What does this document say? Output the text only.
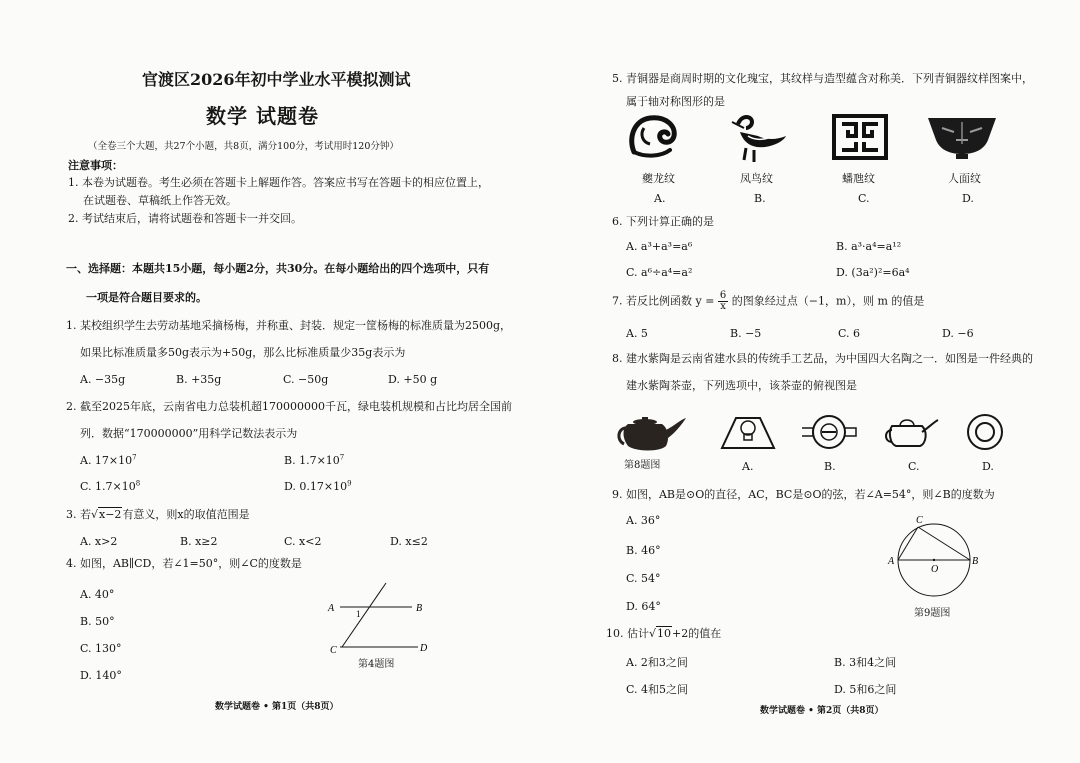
官渡区2026年初中学业水平模拟测试
数学 试题卷
（全卷三个大题，共27个小题，共8页，满分100分，考试用时120分钟）
注意事项：
1. 本卷为试题卷。考生必须在答题卡上解题作答。答案应书写在答题卡的相应位置上，
在试题卷、草稿纸上作答无效。
2. 考试结束后，请将试题卷和答题卡一并交回。
一、选择题：本题共15小题，每小题2分，共30分。在每小题给出的四个选项中，只有
一项是符合题目要求的。
1. 某校组织学生去劳动基地采摘杨梅，并称重、封装．规定一筐杨梅的标准质量为2500g，
如果比标准质量多50g表示为+50g，那么比标准质量少35g表示为
A. −35g	B. +35g	C. −50g	D. +50 g
2. 截至2025年底，云南省电力总装机超170000000千瓦，绿电装机规模和占比均居全国前
列．数据“170000000”用科学记数法表示为
A. $17\times 10^7$	B. $1.7\times 10^7$
C. $1.7\times 10^8$	D. $0.17\times 10^9$
3. 若√x−2有意义，则x的取值范围是
A. x>2	B. x≥2	C. x<2	D. x≤2
4. 如图，AB∥CD，若∠1=50°，则∠C的度数是
A. 40°
B. 50°
C. 130°
D. 140°
A	B
C	D
1
第4题图
数学试题卷 • 第1页（共8页）
5. 青铜器是商周时期的文化瑰宝，其纹样与造型蕴含对称美．下列青铜器纹样图案中，
属于轴对称图形的是
夔龙纹	凤鸟纹	蟠虺纹	人面纹
A.	B.	C.	D.
6. 下列计算正确的是
A. a³+a³=a⁶	B. a³·a⁴=a¹²
C. a⁶÷a⁴=a²	D. (3a²)²=6a⁴
7. 若反比例函数 $y = \frac{6}{x}$ 的图象经过点（−1，m），则 m 的值是
A. 5	B. −5	C. 6	D. −6
8. 建水紫陶是云南省建水县的传统手工艺品，为中国四大名陶之一．如图是一件经典的
建水紫陶茶壶，下列选项中，该茶壶的俯视图是
第8题图	A.	B.	C.	D.
9. 如图，AB是⊙O的直径，AC，BC是⊙O的弦，若∠A=54°，则∠B的度数为
A. 36°
B. 46°
C. 54°
D. 64°
C
A	B
O
第9题图
10. 估计√10+2的值在
A. 2和3之间	B. 3和4之间
C. 4和5之间	D. 5和6之间
数学试题卷 • 第2页（共8页）
